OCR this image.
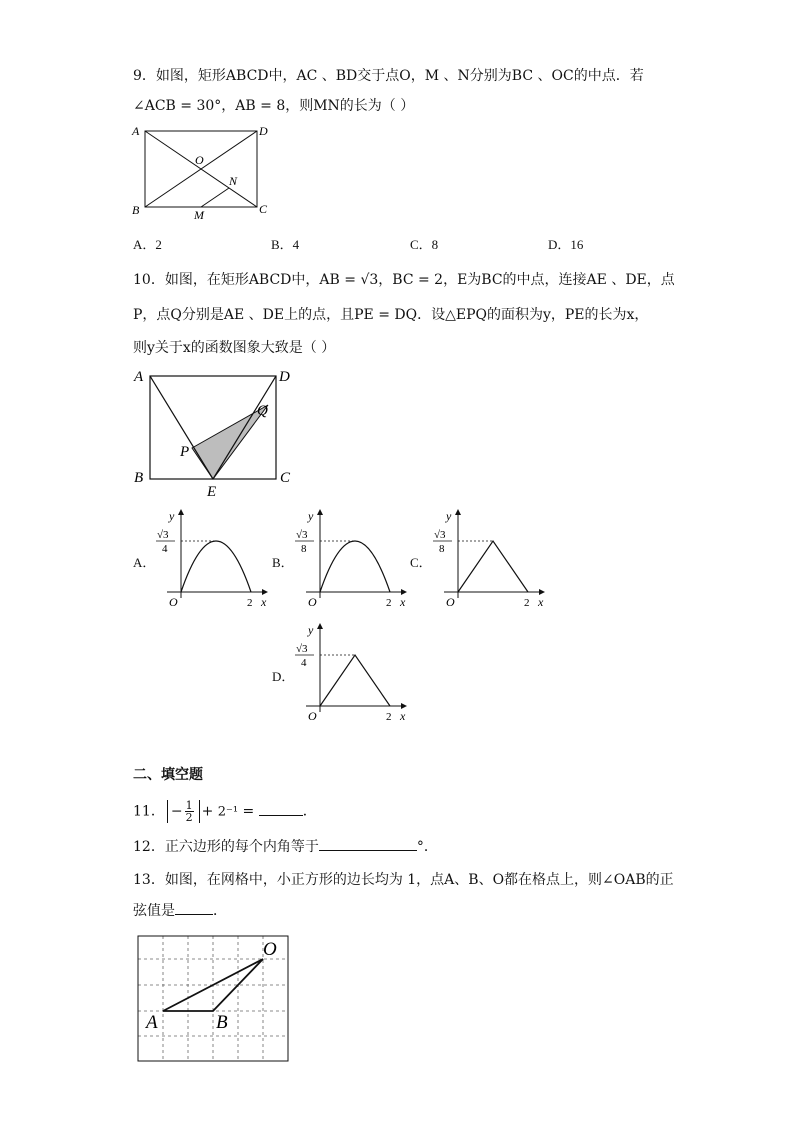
9．如图，矩形ABCD中，AC 、BD交于点O，M 、N分别为BC 、OC的中点．若
∠ACB = 30°，AB = 8，则MN的长为（ ）
A	D
B	C
O
N
M
A．2	B．4	C．8	D．16
10．如图，在矩形ABCD中，AB = √3，BC = 2，E为BC的中点，连接AE 、DE，点
P，点Q分别是AE 、DE上的点，且PE = DQ．设△EPQ的面积为y，PE的长为x，
则y关于x的函数图象大致是（ ）
A	D
B	C
E
P
Q
A．
O	2 x
y
√3
4
B．
O	2 x
y
√3
8
C．
O	2 x
y
√3
8
D．
O	2 x
y
√3
4
二、填空题
11． − $\frac{1}{2} + 2^{-1}$ =	．
12．正六边形的每个内角等于	°．
13．如图，在网格中，小正方形的边长均为 1，点A、B、O都在格点上，则∠OAB的正
弦值是	．
O
A	B
